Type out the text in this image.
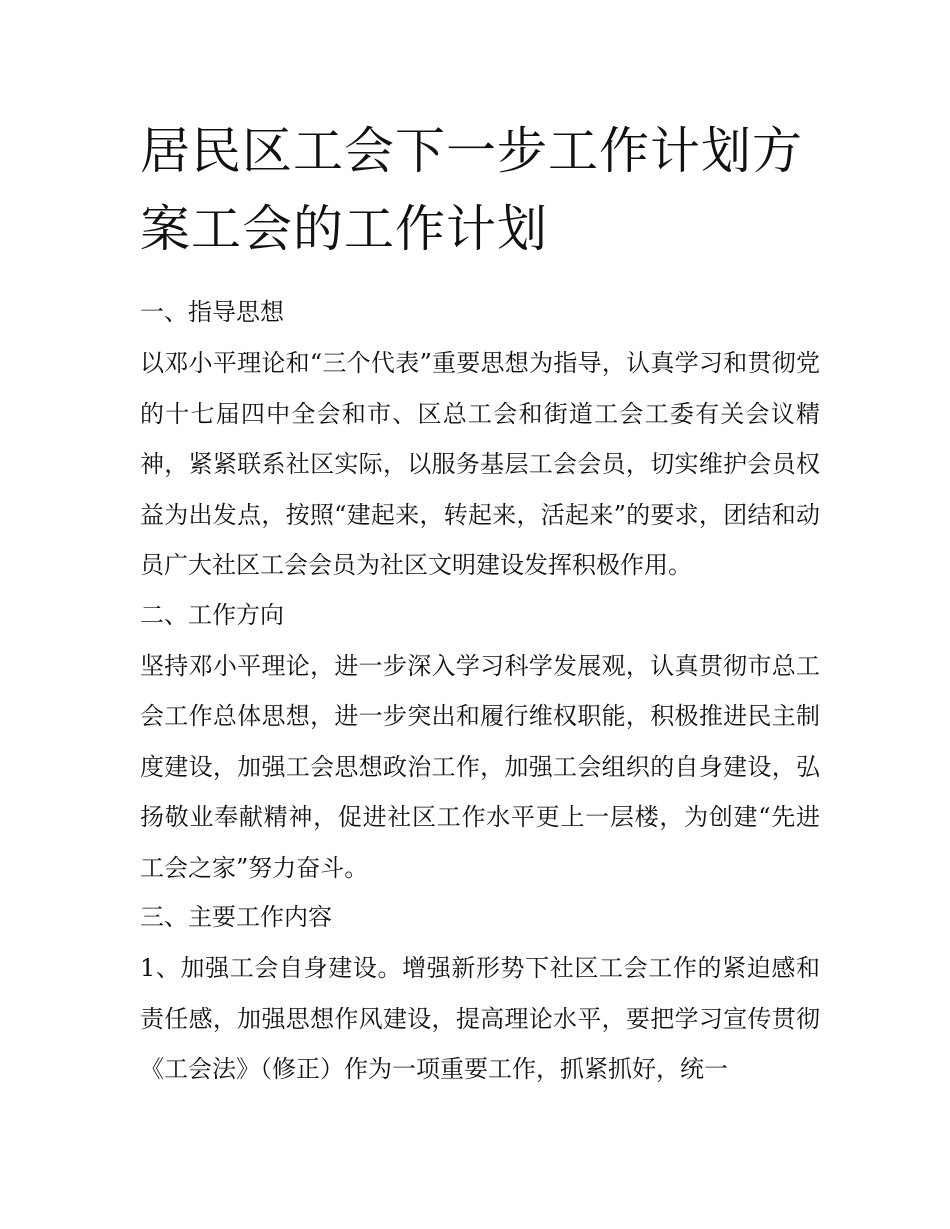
居民区工会下一步工作计划方案工会的工作计划
一、指导思想

以邓小平理论和“三个代表”重要思想为指导，认真学习和贯彻党的十七届四中全会和市、区总工会和街道工会工委有关会议精神，紧紧联系社区实际，以服务基层工会会员，切实维护会员权益为出发点，按照“建起来，转起来，活起来”的要求，团结和动员广大社区工会会员为社区文明建设发挥积极作用。

二、工作方向

坚持邓小平理论，进一步深入学习科学发展观，认真贯彻市总工会工作总体思想，进一步突出和履行维权职能，积极推进民主制度建设，加强工会思想政治工作，加强工会组织的自身建设，弘扬敬业奉献精神，促进社区工作水平更上一层楼，为创建“先进工会之家”努力奋斗。

三、主要工作内容

1、加强工会自身建设。增强新形势下社区工会工作的紧迫感和责任感，加强思想作风建设，提高理论水平，要把学习宣传贯彻《工会法》（修正）作为一项重要工作，抓紧抓好，统一
